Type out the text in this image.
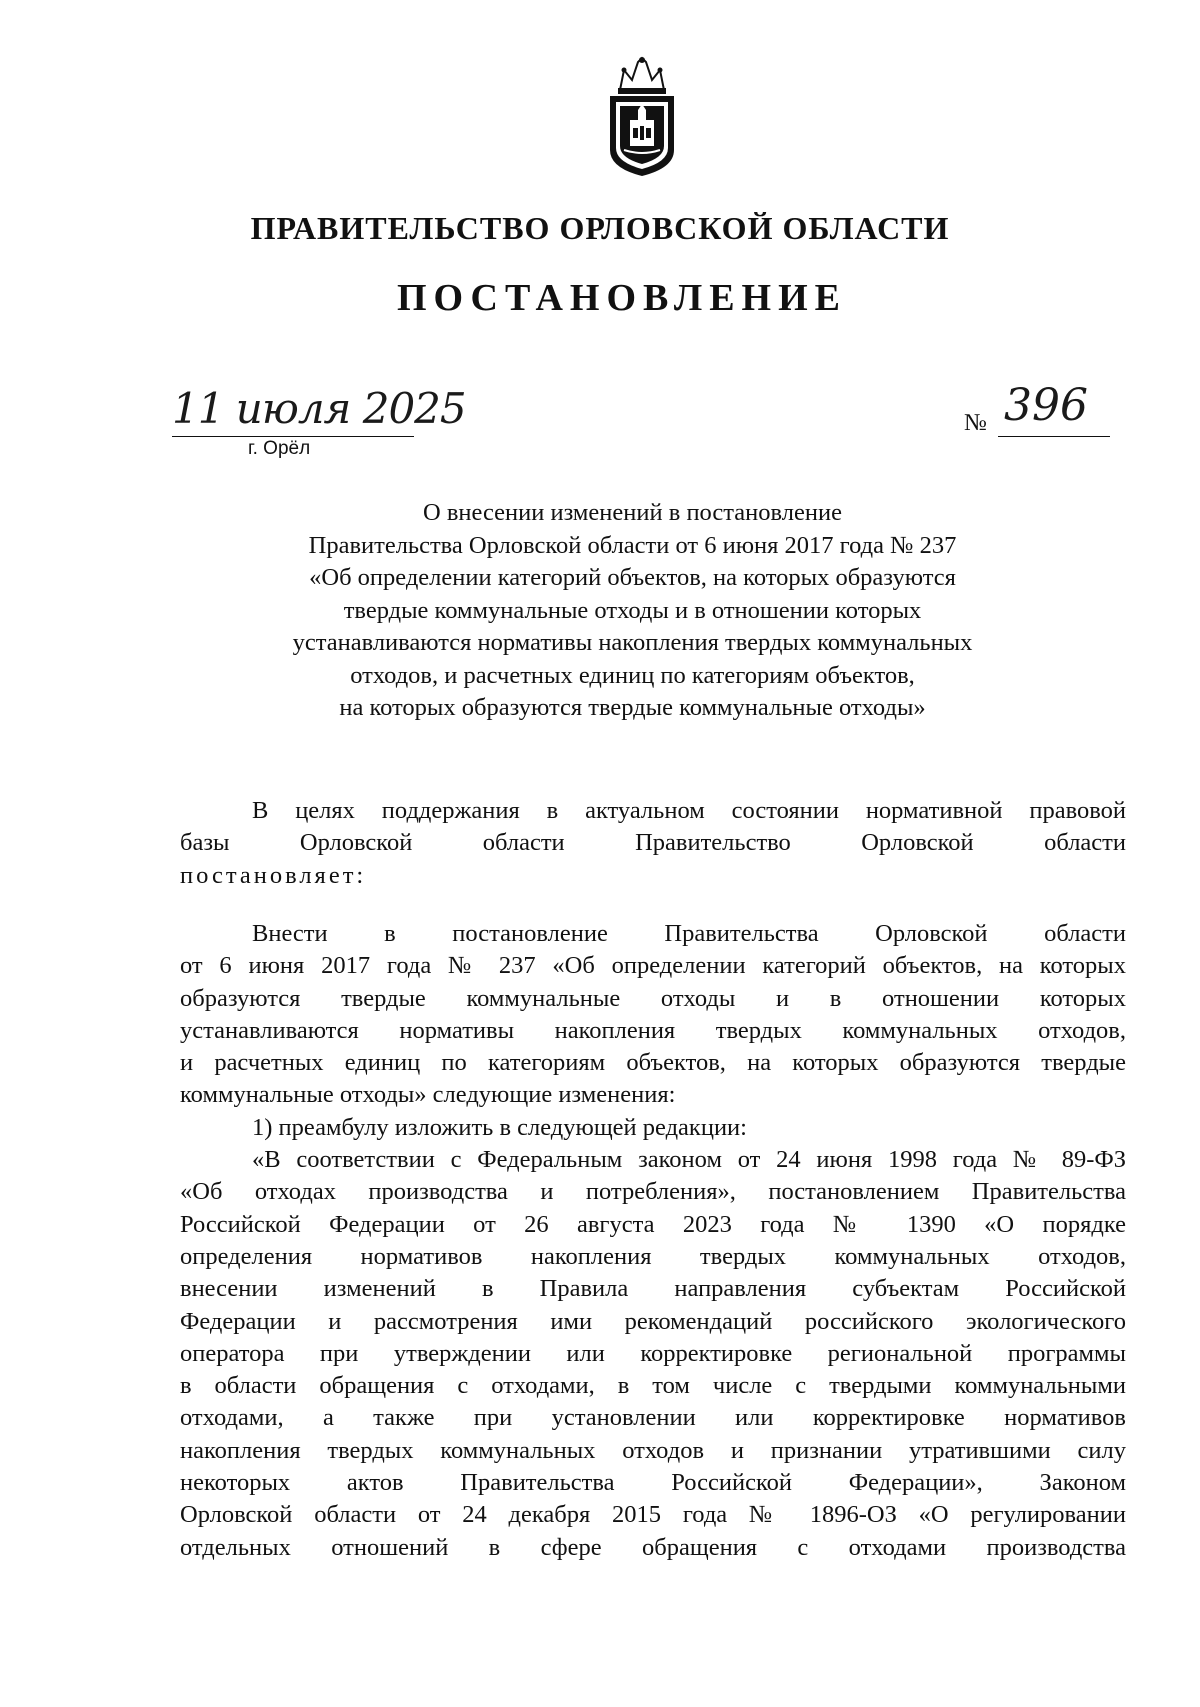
ПРАВИТЕЛЬСТВО ОРЛОВСКОЙ ОБЛАСТИ
ПОСТАНОВЛЕНИЕ
11 июля 2025
г. Орёл
№ 396
О внесении изменений в постановление
Правительства Орловской области от 6 июня 2017 года № 237
«Об определении категорий объектов, на которых образуются
твердые коммунальные отходы и в отношении которых
устанавливаются нормативы накопления твердых коммунальных
отходов, и расчетных единиц по категориям объектов,
на которых образуются твердые коммунальные отходы»
В целях поддержания в актуальном состоянии нормативной правовой
базы Орловской области Правительство Орловской области
постановляет:
Внести в постановление Правительства Орловской области
от 6 июня 2017 года № 237 «Об определении категорий объектов, на которых
образуются твердые коммунальные отходы и в отношении которых
устанавливаются нормативы накопления твердых коммунальных отходов,
и расчетных единиц по категориям объектов, на которых образуются твердые
коммунальные отходы» следующие изменения:
1) преамбулу изложить в следующей редакции:
«В соответствии с Федеральным законом от 24 июня 1998 года № 89-ФЗ
«Об отходах производства и потребления», постановлением Правительства
Российской Федерации от 26 августа 2023 года № 1390 «О порядке
определения нормативов накопления твердых коммунальных отходов,
внесении изменений в Правила направления субъектам Российской
Федерации и рассмотрения ими рекомендаций российского экологического
оператора при утверждении или корректировке региональной программы
в области обращения с отходами, в том числе с твердыми коммунальными
отходами, а также при установлении или корректировке нормативов
накопления твердых коммунальных отходов и признании утратившими силу
некоторых актов Правительства Российской Федерации», Законом
Орловской области от 24 декабря 2015 года № 1896-ОЗ «О регулировании
отдельных отношений в сфере обращения с отходами производства
